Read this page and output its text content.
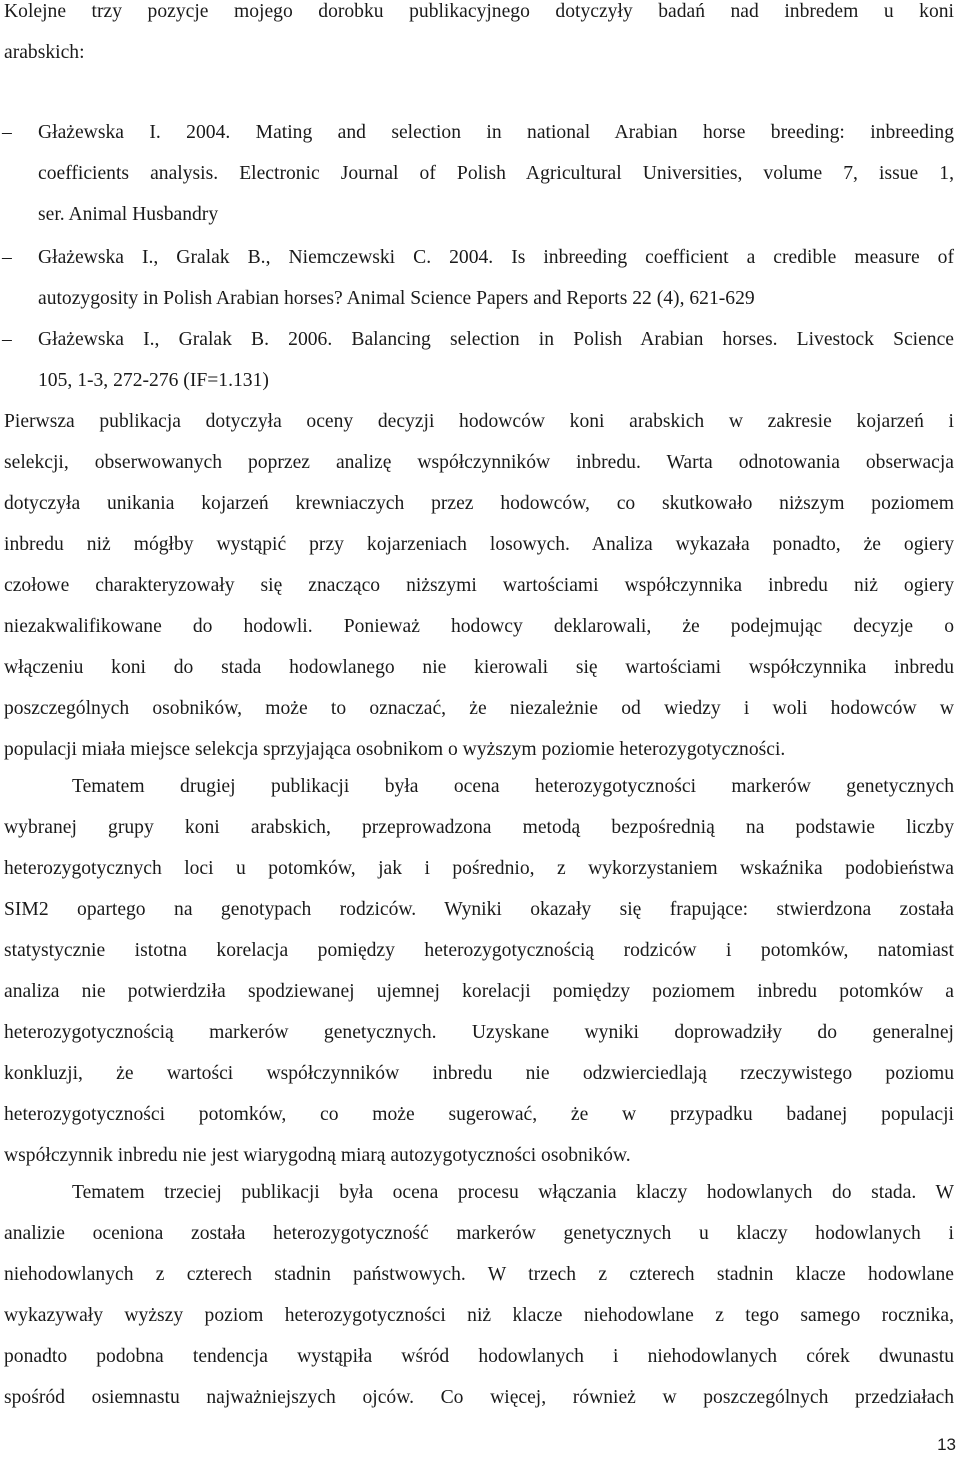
Kolejne trzy pozycje mojego dorobku publikacyjnego dotyczyły badań nad inbredem u koni
arabskich:
– Głażewska I. 2004. Mating and selection in national Arabian horse breeding: inbreeding
coefficients analysis. Electronic Journal of Polish Agricultural Universities, volume 7, issue 1,
ser. Animal Husbandry
– Głażewska I., Gralak B., Niemczewski C. 2004. Is inbreeding coefficient a credible measure of
autozygosity in Polish Arabian horses? Animal Science Papers and Reports 22 (4), 621-629
– Głażewska I., Gralak B. 2006. Balancing selection in Polish Arabian horses. Livestock Science
105, 1-3, 272-276 (IF=1.131)
Pierwsza publikacja dotyczyła oceny decyzji hodowców koni arabskich w zakresie kojarzeń i
selekcji, obserwowanych poprzez analizę współczynników inbredu. Warta odnotowania obserwacja
dotyczyła unikania kojarzeń krewniaczych przez hodowców, co skutkowało niższym poziomem
inbredu niż mógłby wystąpić przy kojarzeniach losowych. Analiza wykazała ponadto, że ogiery
czołowe charakteryzowały się znacząco niższymi wartościami współczynnika inbredu niż ogiery
niezakwalifikowane do hodowli. Ponieważ hodowcy deklarowali, że podejmując decyzje o
włączeniu koni do stada hodowlanego nie kierowali się wartościami współczynnika inbredu
poszczególnych osobników, może to oznaczać, że niezależnie od wiedzy i woli hodowców w
populacji miała miejsce selekcja sprzyjająca osobnikom o wyższym poziomie heterozygotyczności.
Tematem drugiej publikacji była ocena heterozygotyczności markerów genetycznych
wybranej grupy koni arabskich, przeprowadzona metodą bezpośrednią na podstawie liczby
heterozygotycznych loci u potomków, jak i pośrednio, z wykorzystaniem wskaźnika podobieństwa
SIM2 opartego na genotypach rodziców. Wyniki okazały się frapujące: stwierdzona została
statystycznie istotna korelacja pomiędzy heterozygotycznością rodziców i potomków, natomiast
analiza nie potwierdziła spodziewanej ujemnej korelacji pomiędzy poziomem inbredu potomków a
heterozygotycznością markerów genetycznych. Uzyskane wyniki doprowadziły do generalnej
konkluzji, że wartości współczynników inbredu nie odzwierciedlają rzeczywistego poziomu
heterozygotyczności potomków, co może sugerować, że w przypadku badanej populacji
współczynnik inbredu nie jest wiarygodną miarą autozygotyczności osobników.
Tematem trzeciej publikacji była ocena procesu włączania klaczy hodowlanych do stada. W
analizie oceniona została heterozygotyczność markerów genetycznych u klaczy hodowlanych i
niehodowlanych z czterech stadnin państwowych. W trzech z czterech stadnin klacze hodowlane
wykazywały wyższy poziom heterozygotyczności niż klacze niehodowlane z tego samego rocznika,
ponadto podobna tendencja wystąpiła wśród hodowlanych i niehodowlanych córek dwunastu
spośród osiemnastu najważniejszych ojców. Co więcej, również w poszczególnych przedziałach
13
